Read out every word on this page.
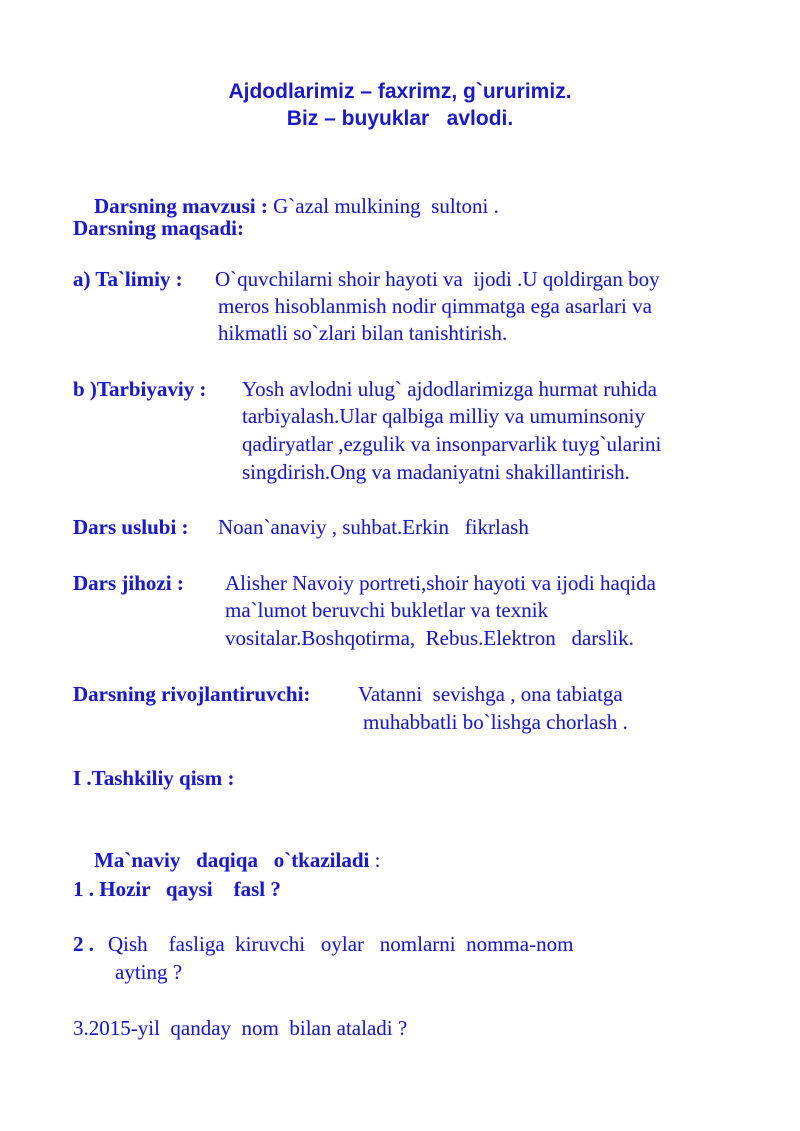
Ajdodlarimiz – faxrimz, g`ururimiz.
Biz – buyuklar   avlodi.

Darsning mavzusi : G`azal mulkining  sultoni .

Darsning maqsadi:
a) Ta`limiy : O`quvchilarni shoir hayoti va  ijodi .U qoldirgan boy
meros hisoblanmish nodir qimmatga ega asarlari va
hikmatli so`zlari bilan tanishtirish.
b )Tarbiyaviy : Yosh avlodni ulug` ajdodlarimizga hurmat ruhida
tarbiyalash.Ular qalbiga milliy va umuminsoniy
qadiryatlar ,ezgulik va insonparvarlik tuyg`ularini
singdirish.Ong va madaniyatni shakillantirish.
Dars uslubi : Noan`anaviy , suhbat.Erkin   fikrlash
Dars jihozi : Alisher Navoiy portreti,shoir hayoti va ijodi haqida
ma`lumot beruvchi bukletlar va texnik
vositalar.Boshqotirma,  Rebus.Elektron   darslik.
Darsning rivojlantiruvchi: Vatanni  sevishga , ona tabiatga
muhabbatli bo`lishga chorlash .
I .Tashkiliy qism :

Ma`naviy   daqiqa   o`tkaziladi :

1 . Hozir   qaysi    fasl ?
2 . Qish    fasliga  kiruvchi   oylar   nomlarni  nomma-nom
ayting ?
3.2015-yil  qanday  nom  bilan ataladi ?
